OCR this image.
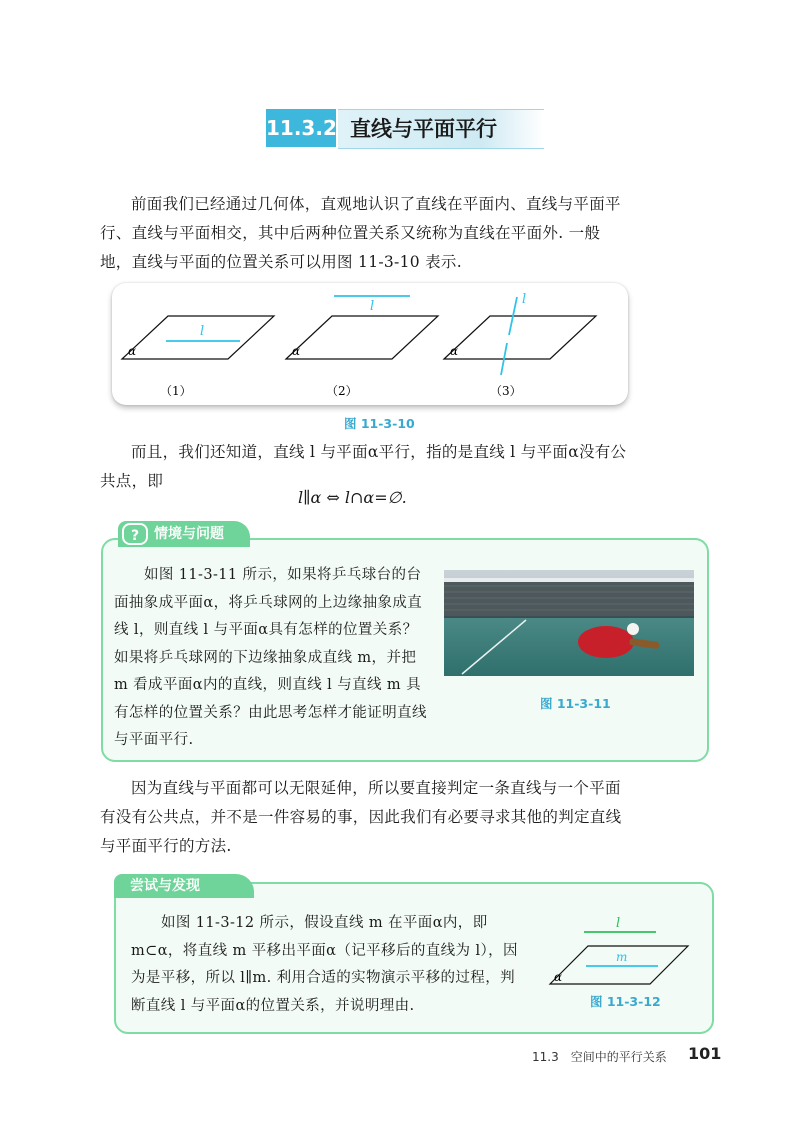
11.3.2 直线与平面平行

前面我们已经通过几何体，直观地认识了直线在平面内、直线与平面平行、直线与平面相交，其中后两种位置关系又统称为直线在平面外. 一般地，直线与平面的位置关系可以用图 11-3-10 表示.

l
α
（1）
l
α
（2）
l
α
（3）
图 11-3-10

而且，我们还知道，直线 l 与平面α平行，指的是直线 l 与平面α没有公共点，即

l∥α ⇔ l∩α=∅.
?	情境与问题

如图 11-3-11 所示，如果将乒乓球台的台面抽象成平面α，将乒乓球网的上边缘抽象成直线 l，则直线 l 与平面α具有怎样的位置关系？如果将乒乓球网的下边缘抽象成直线 m，并把 m 看成平面α内的直线，则直线 l 与直线 m 具有怎样的位置关系？由此思考怎样才能证明直线与平面平行.

图 11-3-11

因为直线与平面都可以无限延伸，所以要直接判定一条直线与一个平面有没有公共点，并不是一件容易的事，因此我们有必要寻求其他的判定直线与平面平行的方法.

尝试与发现

如图 11-3-12 所示，假设直线 m 在平面α内，即 m⊂α，将直线 m 平移出平面α（记平移后的直线为 l），因为是平移，所以 l∥m. 利用合适的实物演示平移的过程，判断直线 l 与平面α的位置关系，并说明理由.

l
m
α
图 11-3-12
11.3　空间中的平行关系 101
